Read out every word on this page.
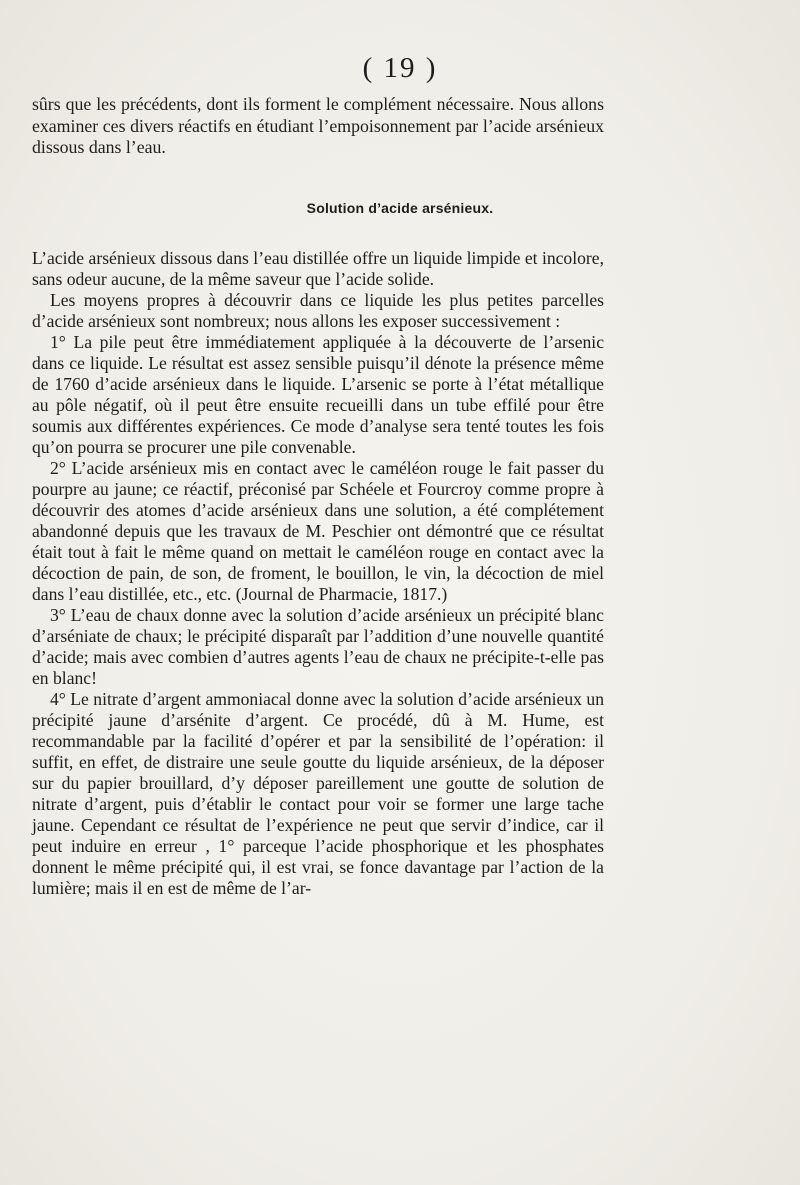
( 19 )

sûrs que les précédents, dont ils forment le complément nécessaire. Nous allons examiner ces divers réactifs en étudiant l’empoisonnement par l’acide arsénieux dissous dans l’eau.

Solution d’acide arsénieux.

L’acide arsénieux dissous dans l’eau distillée offre un liquide limpide et incolore, sans odeur aucune, de la même saveur que l’acide solide.

Les moyens propres à découvrir dans ce liquide les plus petites parcelles d’acide arsénieux sont nombreux; nous allons les exposer successivement :

1° La pile peut être immédiatement appliquée à la découverte de l’arsenic dans ce liquide. Le résultat est assez sensible puisqu’il dénote la présence même de 1760 d’acide arsénieux dans le liquide. L’arsenic se porte à l’état métallique au pôle négatif, où il peut être ensuite recueilli dans un tube effilé pour être soumis aux différentes expériences. Ce mode d’analyse sera tenté toutes les fois qu’on pourra se procurer une pile convenable.

2° L’acide arsénieux mis en contact avec le caméléon rouge le fait passer du pourpre au jaune; ce réactif, préconisé par Schéele et Fourcroy comme propre à découvrir des atomes d’acide arsénieux dans une solution, a été complétement abandonné depuis que les travaux de M. Peschier ont démontré que ce résultat était tout à fait le même quand on mettait le caméléon rouge en contact avec la décoction de pain, de son, de froment, le bouillon, le vin, la décoction de miel dans l’eau distillée, etc., etc. (Journal de Pharmacie, 1817.)

3° L’eau de chaux donne avec la solution d’acide arsénieux un précipité blanc d’arséniate de chaux; le précipité disparaît par l’addition d’une nouvelle quantité d’acide; mais avec combien d’autres agents l’eau de chaux ne précipite-t-elle pas en blanc!

4° Le nitrate d’argent ammoniacal donne avec la solution d’acide arsénieux un précipité jaune d’arsénite d’argent. Ce procédé, dû à M. Hume, est recommandable par la facilité d’opérer et par la sensibilité de l’opération: il suffit, en effet, de distraire une seule goutte du liquide arsénieux, de la déposer sur du papier brouillard, d’y déposer pareillement une goutte de solution de nitrate d’argent, puis d’établir le contact pour voir se former une large tache jaune. Cependant ce résultat de l’expérience ne peut que servir d’indice, car il peut induire en erreur , 1° parceque l’acide phosphorique et les phosphates donnent le même précipité qui, il est vrai, se fonce davantage par l’action de la lumière; mais il en est de même de l’ar-
